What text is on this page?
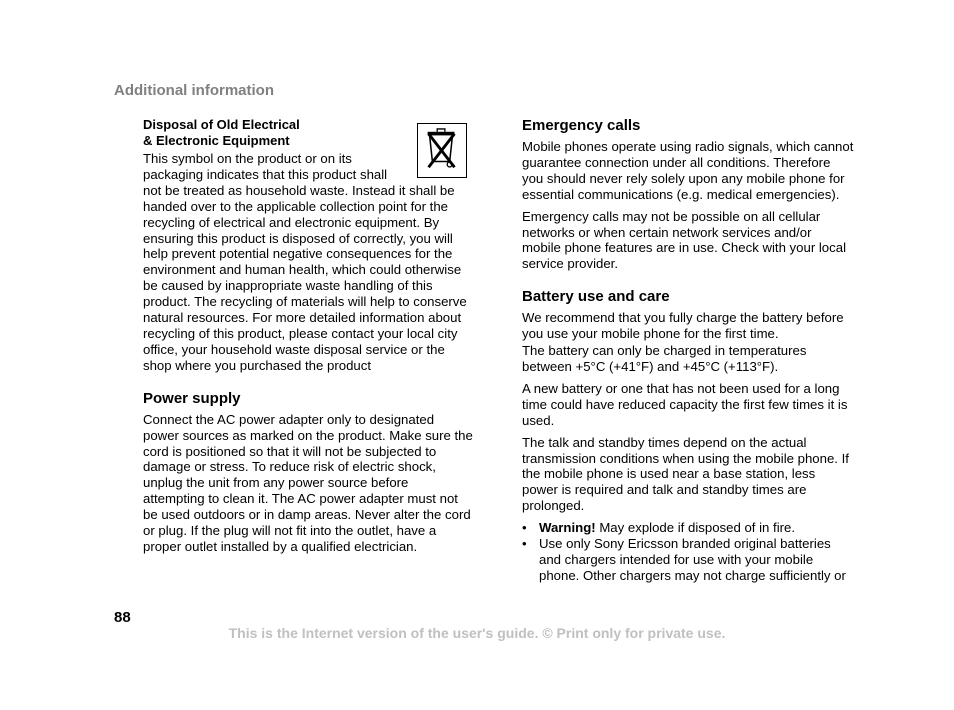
Additional information
Disposal of Old Electrical
& Electronic Equipment

This symbol on the product or on its packaging indicates that this product shall not be treated as household waste. Instead it shall be handed over to the applicable collection point for the recycling of electrical and electronic equipment. By ensuring this product is disposed of correctly, you will help prevent potential negative consequences for the environment and human health, which could otherwise be caused by inappropriate waste handling of this product. The recycling of materials will help to conserve natural resources. For more detailed information about recycling of this product, please contact your local city office, your household waste disposal service or the shop where you purchased the product

Power supply

Connect the AC power adapter only to designated power sources as marked on the product. Make sure the cord is positioned so that it will not be subjected to damage or stress. To reduce risk of electric shock, unplug the unit from any power source before attempting to clean it. The AC power adapter must not be used outdoors or in damp areas. Never alter the cord or plug. If the plug will not fit into the outlet, have a proper outlet installed by a qualified electrician.

Emergency calls

Mobile phones operate using radio signals, which cannot guarantee connection under all conditions. Therefore you should never rely solely upon any mobile phone for essential communications (e.g. medical emergencies).

Emergency calls may not be possible on all cellular networks or when certain network services and/or mobile phone features are in use. Check with your local service provider.

Battery use and care

We recommend that you fully charge the battery before you use your mobile phone for the first time.

The battery can only be charged in temperatures between +5°C (+41°F) and +45°C (+113°F).

A new battery or one that has not been used for a long time could have reduced capacity the first few times it is used.

The talk and standby times depend on the actual transmission conditions when using the mobile phone. If the mobile phone is used near a base station, less power is required and talk and standby times are prolonged.

• Warning! May explode if disposed of in fire.
• Use only Sony Ericsson branded original batteries and chargers intended for use with your mobile phone. Other chargers may not charge sufficiently or
88
This is the Internet version of the user's guide. © Print only for private use.
